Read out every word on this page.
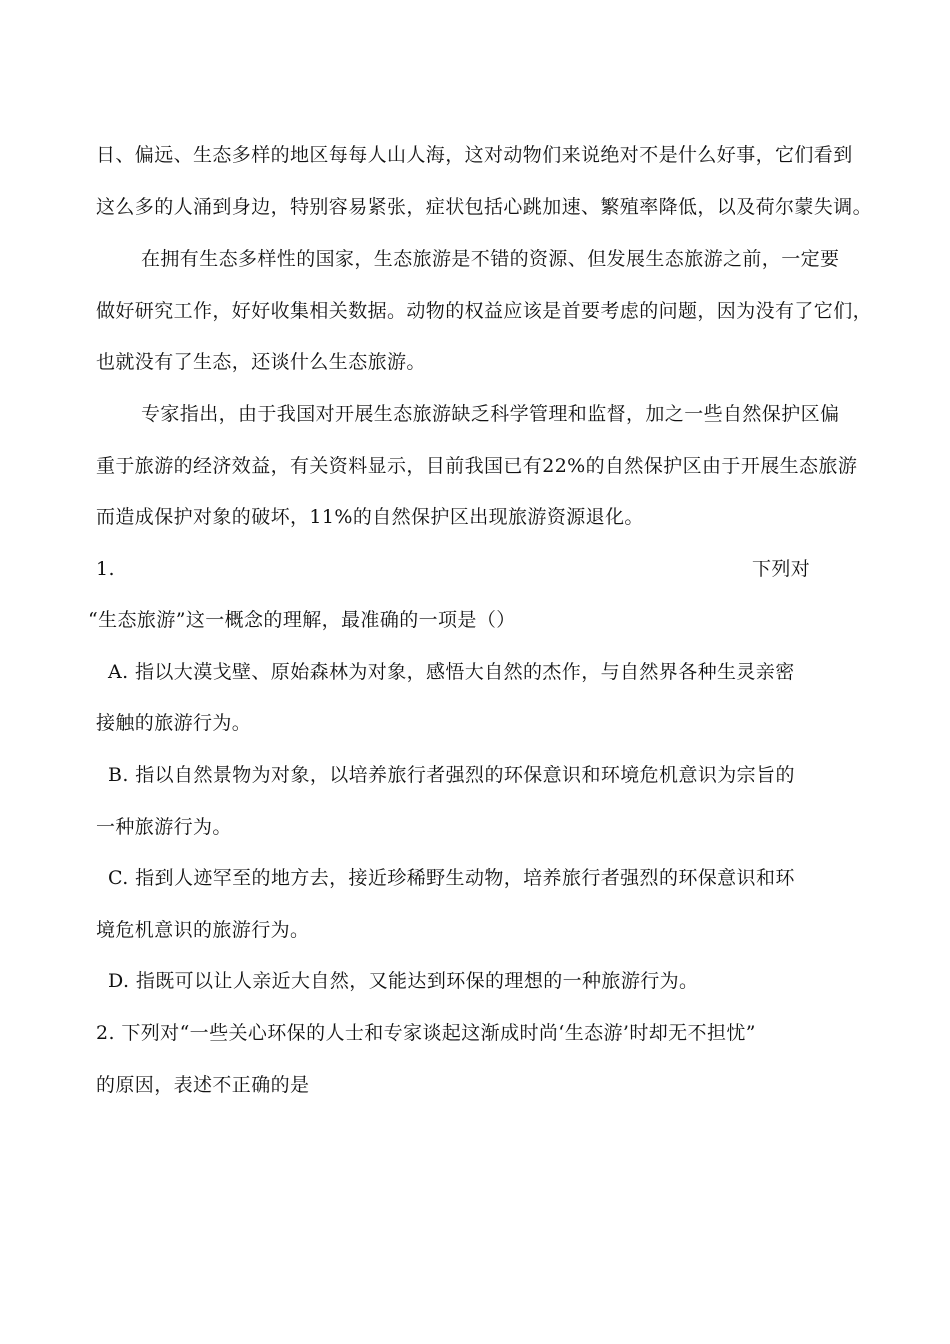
日、偏远、生态多样的地区每每人山人海，这对动物们来说绝对不是什么好事，它们看到
这么多的人涌到身边，特别容易紧张，症状包括心跳加速、繁殖率降低，以及荷尔蒙失调。
在拥有生态多样性的国家，生态旅游是不错的资源、但发展生态旅游之前，一定要
做好研究工作，好好收集相关数据。动物的权益应该是首要考虑的问题，因为没有了它们，
也就没有了生态，还谈什么生态旅游。
专家指出，由于我国对开展生态旅游缺乏科学管理和监督，加之一些自然保护区偏
重于旅游的经济效益，有关资料显示，目前我国已有22%的自然保护区由于开展生态旅游
而造成保护对象的破坏，11%的自然保护区出现旅游资源退化。
1.	下列对
“生态旅游”这一概念的理解，最准确的一项是（）
A. 指以大漠戈壁、原始森林为对象，感悟大自然的杰作，与自然界各种生灵亲密
接触的旅游行为。
B. 指以自然景物为对象，以培养旅行者强烈的环保意识和环境危机意识为宗旨的
一种旅游行为。
C. 指到人迹罕至的地方去，接近珍稀野生动物，培养旅行者强烈的环保意识和环
境危机意识的旅游行为。
D. 指既可以让人亲近大自然，又能达到环保的理想的一种旅游行为。
2. 下列对“一些关心环保的人士和专家谈起这渐成时尚‘生态游’时却无不担忧”
的原因，表述不正确的是
